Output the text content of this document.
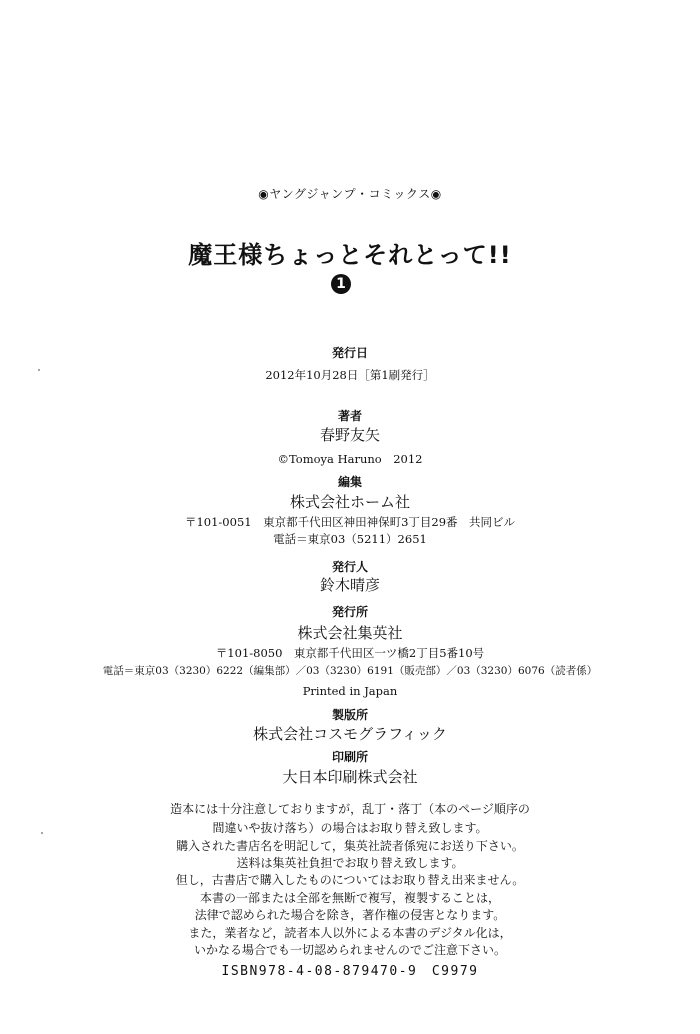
◉ヤングジャンプ・コミックス◉
魔王様ちょっとそれとって!!
1
発行日
2012年10月28日［第1刷発行］
著者
春野友矢
©Tomoya Haruno　2012
編集
株式会社ホーム社
〒101-0051　東京都千代田区神田神保町3丁目29番　共同ビル
電話＝東京03（5211）2651
発行人
鈴木晴彦
発行所
株式会社集英社
〒101-8050　東京都千代田区一ツ橋2丁目5番10号
電話＝東京03（3230）6222（編集部）／03（3230）6191（販売部）／03（3230）6076（読者係）
Printed in Japan
製版所
株式会社コスモグラフィック
印刷所
大日本印刷株式会社
造本には十分注意しておりますが，乱丁・落丁（本のページ順序の
間違いや抜け落ち）の場合はお取り替え致します。
購入された書店名を明記して，集英社読者係宛にお送り下さい。
送料は集英社負担でお取り替え致します。
但し，古書店で購入したものについてはお取り替え出来ません。
本書の一部または全部を無断で複写，複製することは，
法律で認められた場合を除き，著作権の侵害となります。
また，業者など，読者本人以外による本書のデジタル化は，
いかなる場合でも一切認められませんのでご注意下さい。
ISBN978-4-08-879470-9　C9979
